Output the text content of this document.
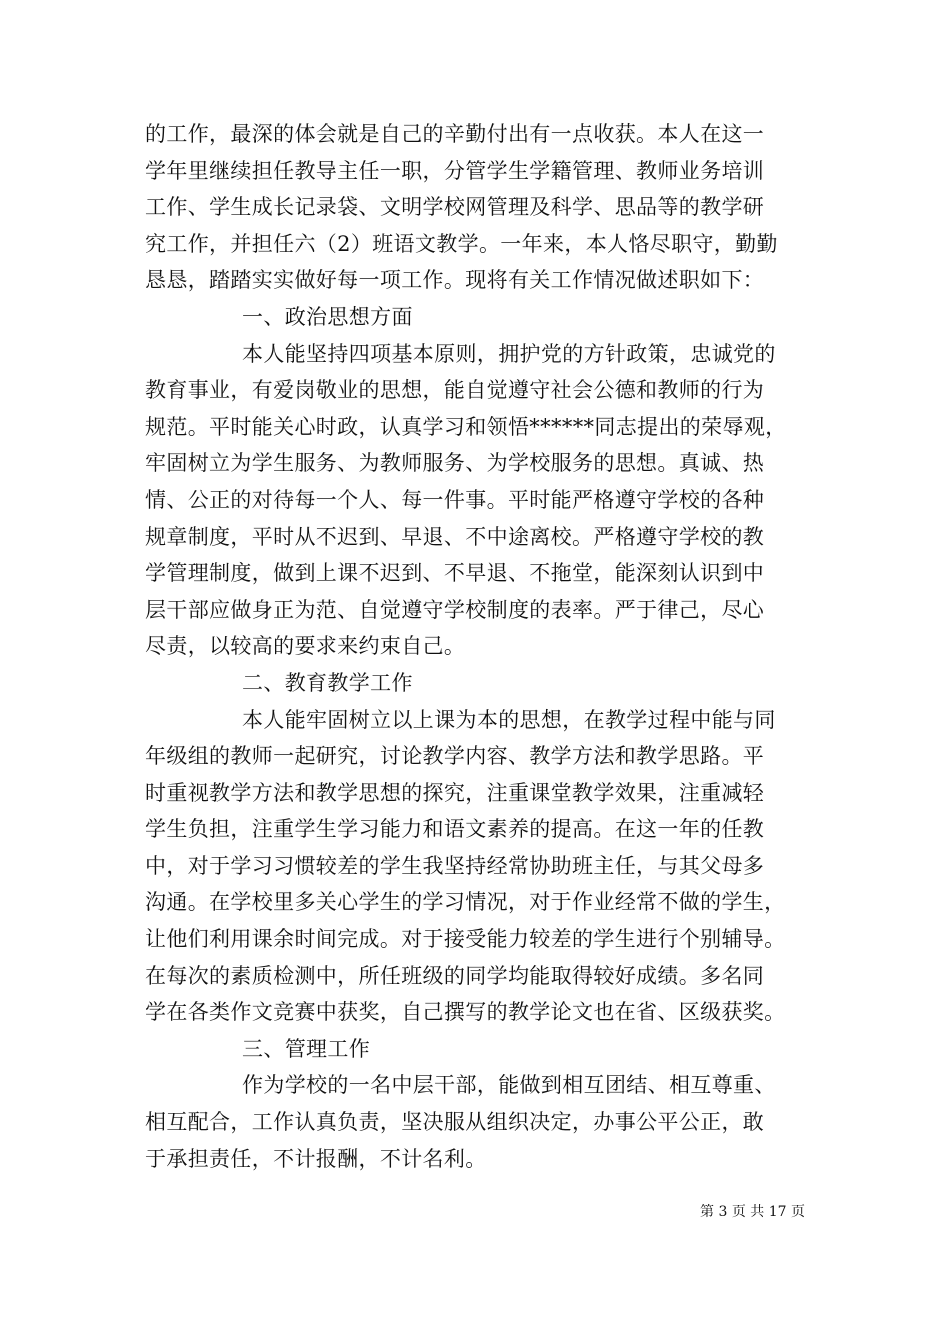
的工作，最深的体会就是自己的辛勤付出有一点收获。本人在这一
学年里继续担任教导主任一职，分管学生学籍管理、教师业务培训
工作、学生成长记录袋、文明学校网管理及科学、思品等的教学研
究工作，并担任六（2）班语文教学。一年来，本人恪尽职守，勤勤
恳恳，踏踏实实做好每一项工作。现将有关工作情况做述职如下：
一、政治思想方面
本人能坚持四项基本原则，拥护党的方针政策，忠诚党的
教育事业，有爱岗敬业的思想，能自觉遵守社会公德和教师的行为
规范。平时能关心时政，认真学习和领悟******同志提出的荣辱观，
牢固树立为学生服务、为教师服务、为学校服务的思想。真诚、热
情、公正的对待每一个人、每一件事。平时能严格遵守学校的各种
规章制度，平时从不迟到、早退、不中途离校。严格遵守学校的教
学管理制度，做到上课不迟到、不早退、不拖堂，能深刻认识到中
层干部应做身正为范、自觉遵守学校制度的表率。严于律己，尽心
尽责，以较高的要求来约束自己。
二、教育教学工作
本人能牢固树立以上课为本的思想，在教学过程中能与同
年级组的教师一起研究，讨论教学内容、教学方法和教学思路。平
时重视教学方法和教学思想的探究，注重课堂教学效果，注重减轻
学生负担，注重学生学习能力和语文素养的提高。在这一年的任教
中，对于学习习惯较差的学生我坚持经常协助班主任，与其父母多
沟通。在学校里多关心学生的学习情况，对于作业经常不做的学生，
让他们利用课余时间完成。对于接受能力较差的学生进行个别辅导。
在每次的素质检测中，所任班级的同学均能取得较好成绩。多名同
学在各类作文竞赛中获奖，自己撰写的教学论文也在省、区级获奖。
三、管理工作
作为学校的一名中层干部，能做到相互团结、相互尊重、
相互配合，工作认真负责，坚决服从组织决定，办事公平公正，敢
于承担责任，不计报酬，不计名利。
第 3 页 共 17 页
